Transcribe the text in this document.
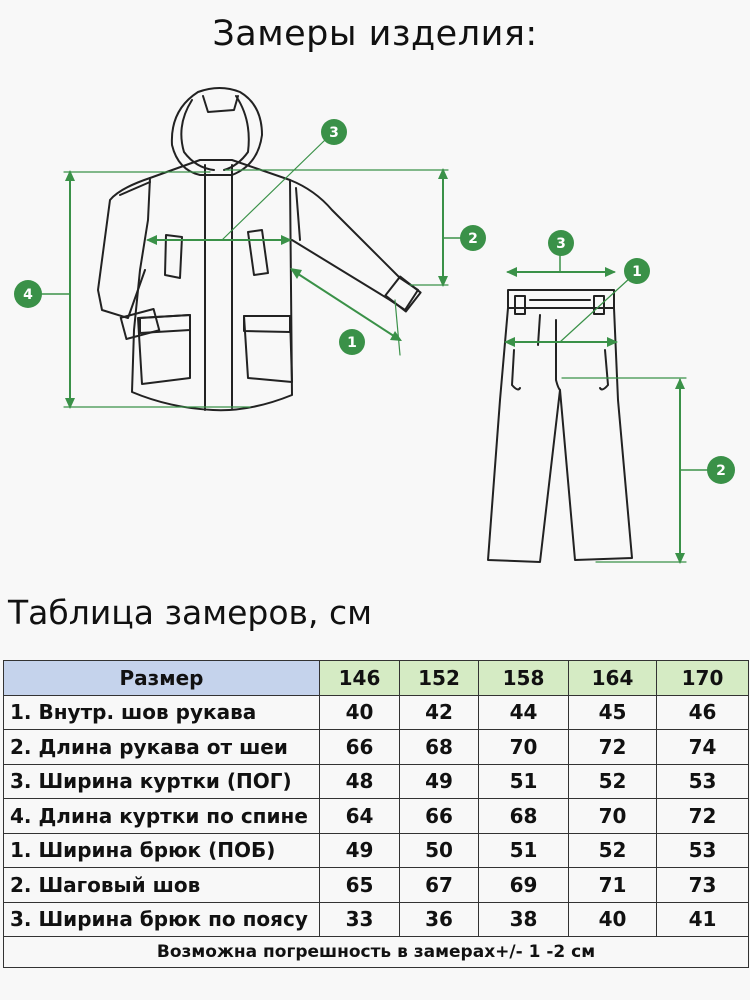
Замеры изделия:
4
3
2
1
3
1
2
Таблица замеров, см
Размер	146	152	158	164	170
1. Внутр. шов рукава	40	42	44	45	46
2. Длина рукава от шеи	66	68	70	72	74
3. Ширина куртки (ПОГ)	48	49	51	52	53
4. Длина куртки по спине	64	66	68	70	72
1. Ширина брюк (ПОБ)	49	50	51	52	53
2. Шаговый шов	65	67	69	71	73
3. Ширина брюк по поясу	33	36	38	40	41
Возможна погрешность в замерах+/- 1 -2 см					
